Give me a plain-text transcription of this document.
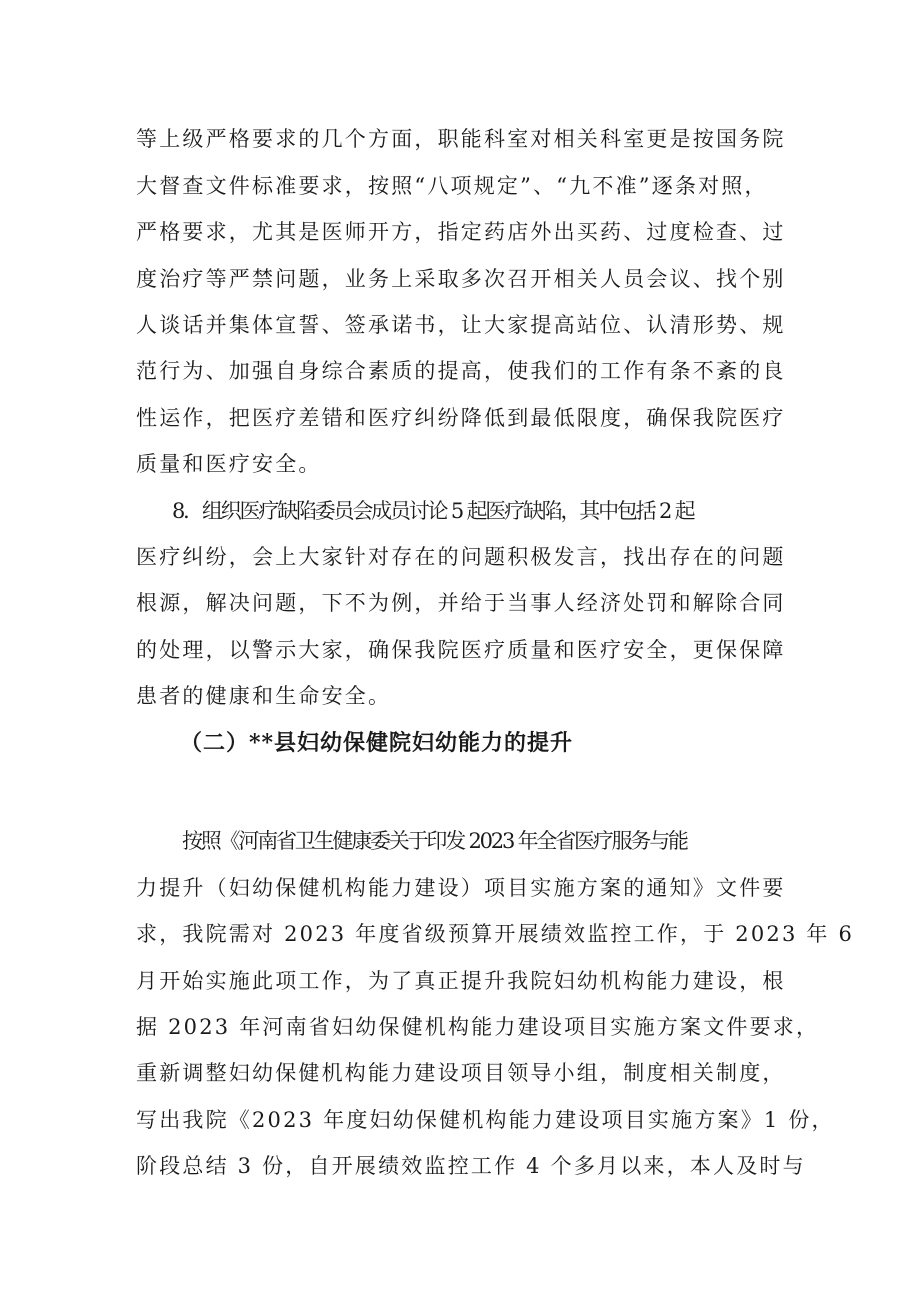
等上级严格要求的几个方面，职能科室对相关科室更是按国务院
大督查文件标准要求，按照“八项规定”、“九不准”逐条对照，
严格要求，尤其是医师开方，指定药店外出买药、过度检查、过
度治疗等严禁问题，业务上采取多次召开相关人员会议、找个别
人谈话并集体宣誓、签承诺书，让大家提高站位、认清形势、规
范行为、加强自身综合素质的提高，使我们的工作有条不紊的良
性运作，把医疗差错和医疗纠纷降低到最低限度，确保我院医疗
质量和医疗安全。
8．组织医疗缺陷委员会成员讨论 5 起医疗缺陷，其中包括 2 起
医疗纠纷，会上大家针对存在的问题积极发言，找出存在的问题
根源，解决问题，下不为例，并给于当事人经济处罚和解除合同
的处理，以警示大家，确保我院医疗质量和医疗安全，更保保障
患者的健康和生命安全。
（二）**县妇幼保健院妇幼能力的提升
按照《河南省卫生健康委关于印发 2023 年全省医疗服务与能
力提升（妇幼保健机构能力建设）项目实施方案的通知》文件要
求，我院需对 2023 年度省级预算开展绩效监控工作，于 2023 年 6
月开始实施此项工作，为了真正提升我院妇幼机构能力建设，根
据 2023 年河南省妇幼保健机构能力建设项目实施方案文件要求，
重新调整妇幼保健机构能力建设项目领导小组，制度相关制度，
写出我院《2023 年度妇幼保健机构能力建设项目实施方案》1 份，
阶段总结 3 份，自开展绩效监控工作 4 个多月以来，本人及时与
